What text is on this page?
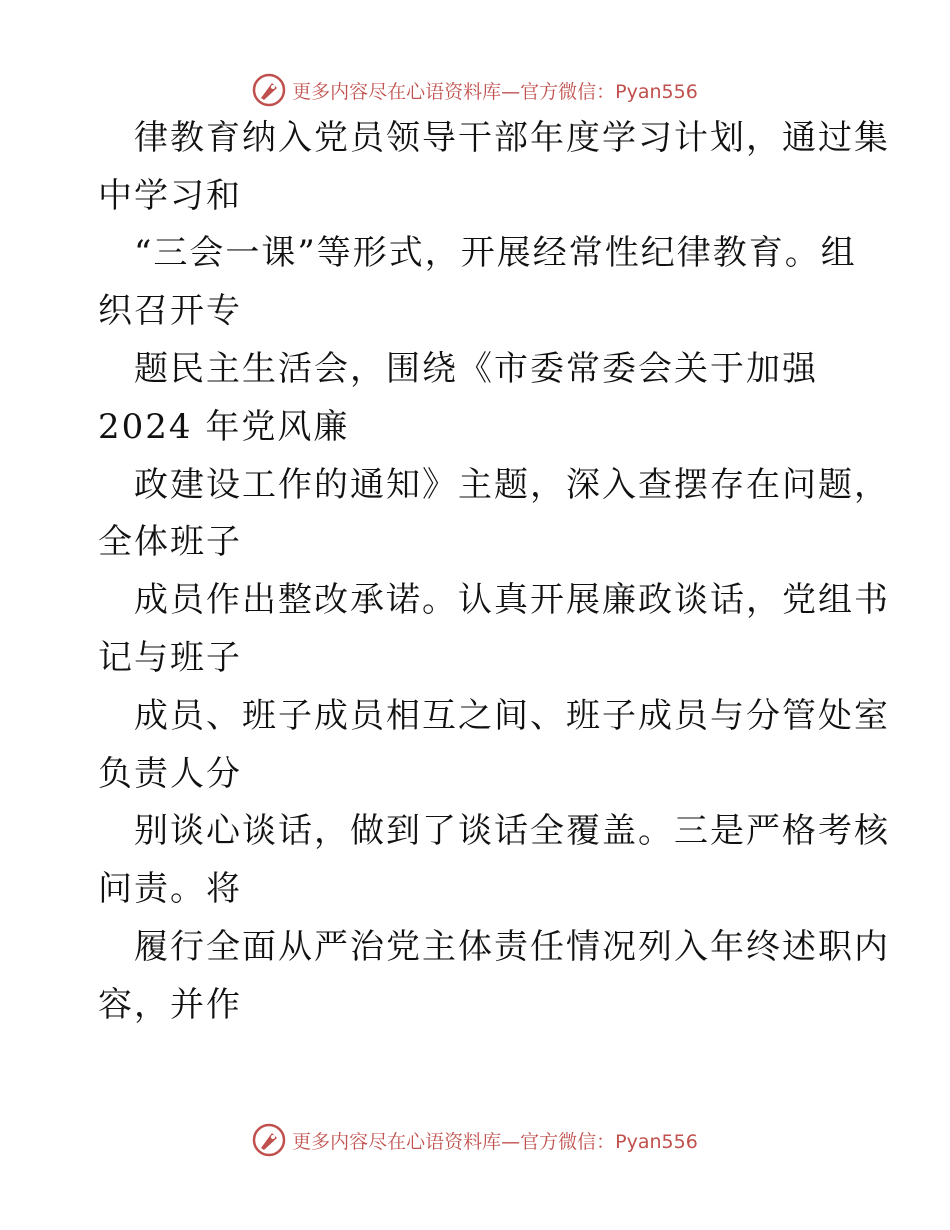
更多内容尽在心语资料库—官方微信：Pyan556
律教育纳入党员领导干部年度学习计划，通过集
中学习和
“三会一课”等形式，开展经常性纪律教育。组
织召开专
题民主生活会，围绕《市委常委会关于加强
2024 年党风廉
政建设工作的通知》主题，深入查摆存在问题，
全体班子
成员作出整改承诺。认真开展廉政谈话，党组书
记与班子
成员、班子成员相互之间、班子成员与分管处室
负责人分
别谈心谈话，做到了谈话全覆盖。三是严格考核
问责。将
履行全面从严治党主体责任情况列入年终述职内
容，并作
更多内容尽在心语资料库—官方微信：Pyan556
